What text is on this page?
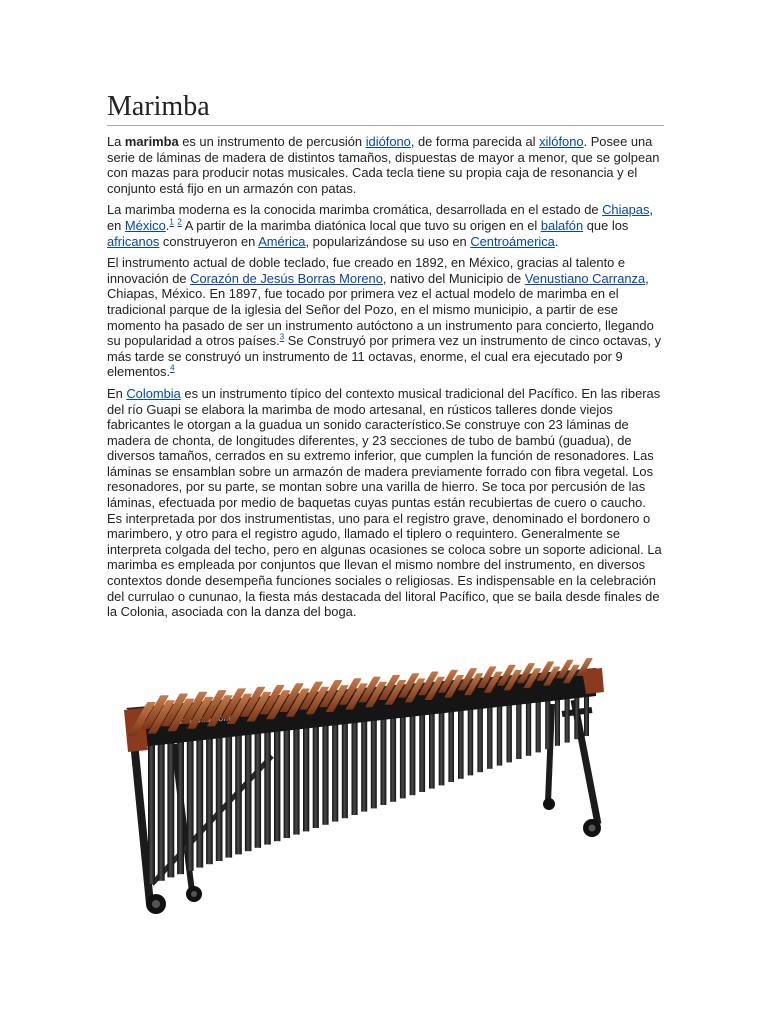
Marimba

La marimba es un instrumento de percusión idiófono, de forma parecida al xilófono. Posee una serie de láminas de madera de distintos tamaños, dispuestas de mayor a menor, que se golpean con mazas para producir notas musicales. Cada tecla tiene su propia caja de resonancia y el conjunto está fijo en un armazón con patas.

La marimba moderna es la conocida marimba cromática, desarrollada en el estado de Chiapas, en México.$^1$ $^2$ A partir de la marimba diatónica local que tuvo su origen en el balafón que los africanos construyeron en América, popularizándose su uso en Centroámerica.

El instrumento actual de doble teclado, fue creado en 1892, en México, gracias al talento e innovación de Corazón de Jesús Borras Moreno, nativo del Municipio de Venustiano Carranza, Chiapas, México. En 1897, fue tocado por primera vez el actual modelo de marimba en el tradicional parque de la iglesia del Señor del Pozo, en el mismo municipio, a partir de ese momento ha pasado de ser un instrumento autóctono a un instrumento para concierto, llegando su popularidad a otros países.$^3$ Se Construyó por primera vez un instrumento de cinco octavas, y más tarde se construyó un instrumento de 11 octavas, enorme, el cual era ejecutado por 9 elementos.$^4$

En Colombia es un instrumento típico del contexto musical tradicional del Pacífico. En las riberas del río Guapi se elabora la marimba de modo artesanal, en rústicos talleres donde viejos fabricantes le otorgan a la guadua un sonido característico.Se construye con 23 láminas de madera de chonta, de longitudes diferentes, y 23 secciones de tubo de bambú (guadua), de diversos tamaños, cerrados en su extremo inferior, que cumplen la función de resonadores. Las láminas se ensamblan sobre un armazón de madera previamente forrado con fibra vegetal. Los resonadores, por su parte, se montan sobre una varilla de hierro. Se toca por percusión de las láminas, efectuada por medio de baquetas cuyas puntas están recubiertas de cuero o caucho. Es interpretada por dos instrumentistas, uno para el registro grave, denominado el bordonero o marimbero, y otro para el registro agudo, llamado el tiplero o requintero. Generalmente se interpreta colgada del techo, pero en algunas ocasiones se coloca sobre un soporte adicional. La marimba es empleada por conjuntos que llevan el mismo nombre del instrumento, en diversos contextos donde desempeña funciones sociales o religiosas. Es indispensable en la celebración del currulao o cununao, la fiesta más destacada del litoral Pacífico, que se baila desde finales de la Colonia, asociada con la danza del boga.
